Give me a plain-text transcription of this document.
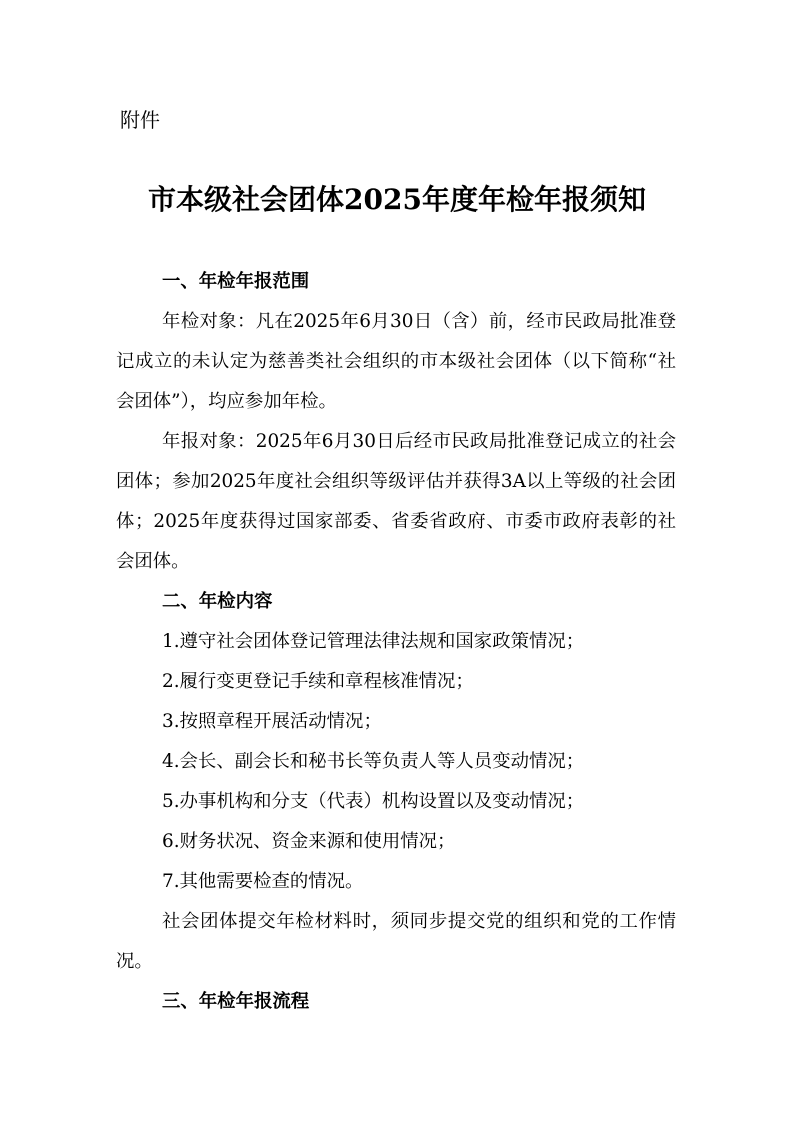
附件
市本级社会团体2025年度年检年报须知
一、年检年报范围

年检对象：凡在2025年6月30日（含）前，经市民政局批准登记成立的未认定为慈善类社会组织的市本级社会团体（以下简称“社会团体”），均应参加年检。

年报对象：2025年6月30日后经市民政局批准登记成立的社会团体；参加2025年度社会组织等级评估并获得3A以上等级的社会团体；2025年度获得过国家部委、省委省政府、市委市政府表彰的社会团体。

二、年检内容

1.遵守社会团体登记管理法律法规和国家政策情况；

2.履行变更登记手续和章程核准情况；

3.按照章程开展活动情况；

4.会长、副会长和秘书长等负责人等人员变动情况；

5.办事机构和分支（代表）机构设置以及变动情况；

6.财务状况、资金来源和使用情况；

7.其他需要检查的情况。

社会团体提交年检材料时，须同步提交党的组织和党的工作情况。

三、年检年报流程
